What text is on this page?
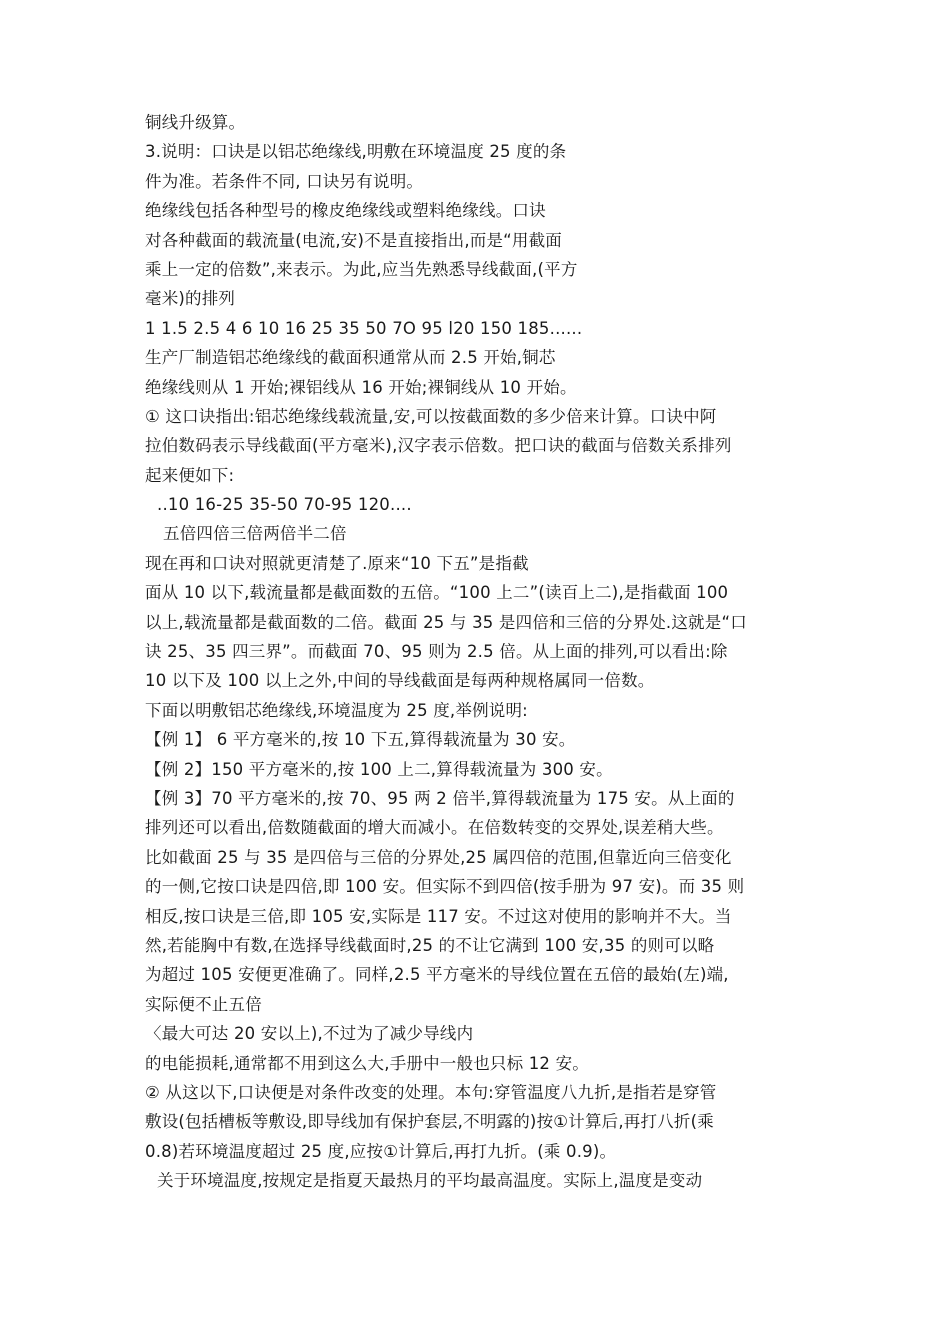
铜线升级算。
3.说明：口诀是以铝芯绝缘线,明敷在环境温度 25 度的条
件为准。若条件不同, 口诀另有说明。
绝缘线包括各种型号的橡皮绝缘线或塑料绝缘线。口诀
对各种截面的载流量(电流,安)不是直接指出,而是“用截面
乘上一定的倍数”,来表示。为此,应当先熟悉导线截面,(平方
毫米)的排列
1 1.5 2.5 4 6 10 16 25 35 50 7O 95 l20 150 185......
生产厂制造铝芯绝缘线的截面积通常从而 2.5 开始,铜芯
绝缘线则从 1 开始;裸铝线从 16 开始;裸铜线从 10 开始。
① 这口诀指出:铝芯绝缘线载流量,安,可以按截面数的多少倍来计算。口诀中阿
拉伯数码表示导线截面(平方毫米),汉字表示倍数。把口诀的截面与倍数关系排列
起来便如下:
..10 16-25 35-50 70-95 120....
五倍四倍三倍两倍半二倍
现在再和口诀对照就更清楚了.原来“10 下五”是指截
面从 10 以下,载流量都是截面数的五倍。“100 上二”(读百上二),是指截面 100
以上,载流量都是截面数的二倍。截面 25 与 35 是四倍和三倍的分界处.这就是“口
诀 25、35 四三界”。而截面 70、95 则为 2.5 倍。从上面的排列,可以看出:除
10 以下及 100 以上之外,中间的导线截面是每两种规格属同一倍数。
下面以明敷铝芯绝缘线,环境温度为 25 度,举例说明:
【例 1】 6 平方毫米的,按 10 下五,算得载流量为 30 安。
【例 2】150 平方毫米的,按 100 上二,算得载流量为 300 安。
【例 3】70 平方毫米的,按 70、95 两 2 倍半,算得载流量为 175 安。从上面的
排列还可以看出,倍数随截面的增大而减小。在倍数转变的交界处,误差稍大些。
比如截面 25 与 35 是四倍与三倍的分界处,25 属四倍的范围,但靠近向三倍变化
的一侧,它按口诀是四倍,即 100 安。但实际不到四倍(按手册为 97 安)。而 35 则
相反,按口诀是三倍,即 105 安,实际是 117 安。不过这对使用的影响并不大。当
然,若能胸中有数,在选择导线截面时,25 的不让它满到 100 安,35 的则可以略
为超过 105 安便更准确了。同样,2.5 平方毫米的导线位置在五倍的最始(左)端,
实际便不止五倍
〈最大可达 20 安以上),不过为了减少导线内
的电能损耗,通常都不用到这么大,手册中一般也只标 12 安。
② 从这以下,口诀便是对条件改变的处理。本句:穿管温度八九折,是指若是穿管
敷设(包括槽板等敷设,即导线加有保护套层,不明露的)按①计算后,再打八折(乘
0.8)若环境温度超过 25 度,应按①计算后,再打九折。(乘 0.9)。
关于环境温度,按规定是指夏天最热月的平均最高温度。实际上,温度是变动
